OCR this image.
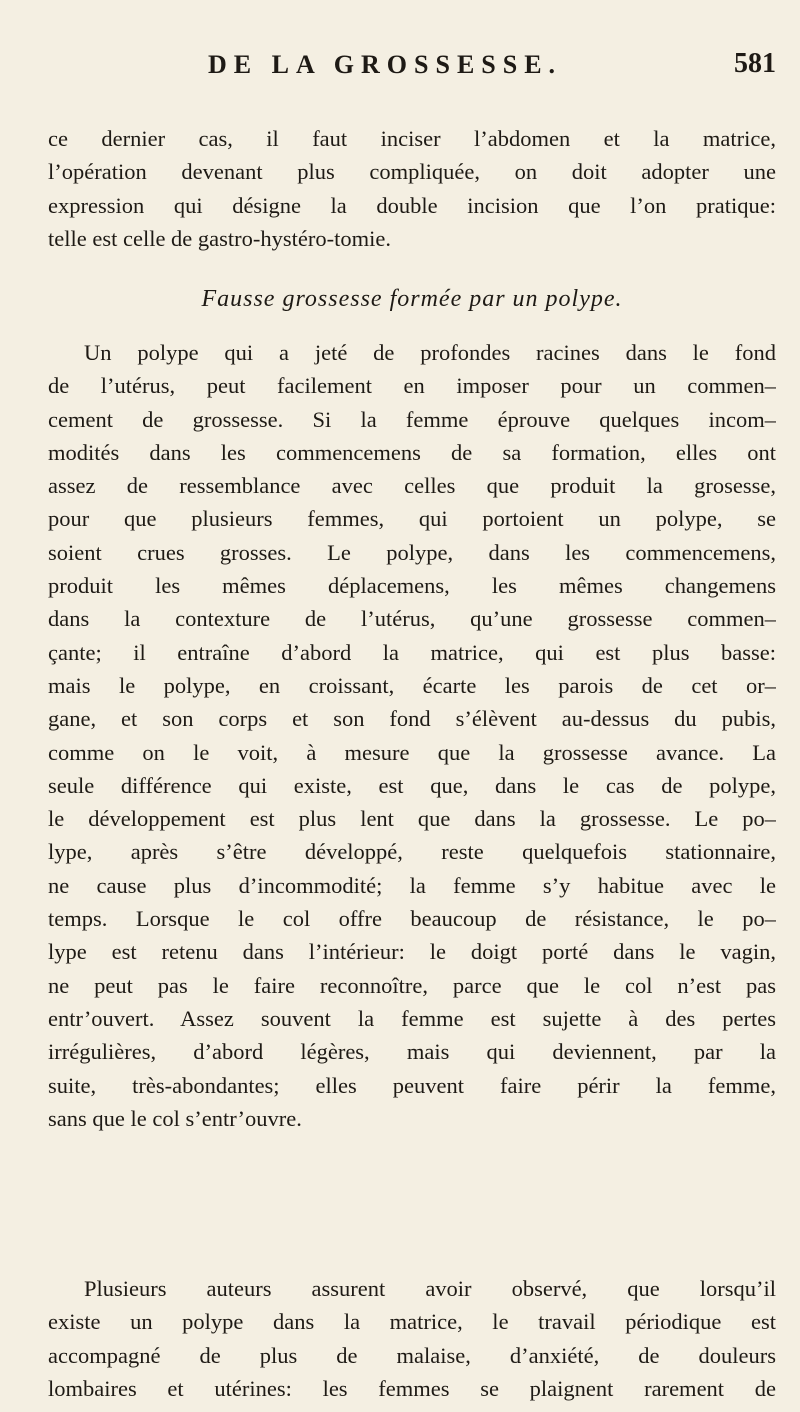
DE LA GROSSESSE.	581
ce dernier cas, il faut inciser l’abdomen et la matrice,
l’opération devenant plus compliquée, on doit adopter une
expression qui désigne la double incision que l’on pratique:
telle est celle de gastro-hystéro-tomie.
Fausse grossesse formée par un polype.
Un polype qui a jeté de profondes racines dans le fond
de l’utérus, peut facilement en imposer pour un commen–
cement de grossesse. Si la femme éprouve quelques incom–
modités dans les commencemens de sa formation, elles ont
assez de ressemblance avec celles que produit la grosesse,
pour que plusieurs femmes, qui portoient un polype, se
soient crues grosses. Le polype, dans les commencemens,
produit les mêmes déplacemens, les mêmes changemens
dans la contexture de l’utérus, qu’une grossesse commen–
çante; il entraîne d’abord la matrice, qui est plus basse:
mais le polype, en croissant, écarte les parois de cet or–
gane, et son corps et son fond s’élèvent au-dessus du pubis,
comme on le voit, à mesure que la grossesse avance. La
seule différence qui existe, est que, dans le cas de polype,
le développement est plus lent que dans la grossesse. Le po–
lype, après s’être développé, reste quelquefois stationnaire,
ne cause plus d’incommodité; la femme s’y habitue avec le
temps. Lorsque le col offre beaucoup de résistance, le po–
lype est retenu dans l’intérieur: le doigt porté dans le vagin,
ne peut pas le faire reconnoître, parce que le col n’est pas
entr’ouvert. Assez souvent la femme est sujette à des pertes
irrégulières, d’abord légères, mais qui deviennent, par la
suite, très-abondantes; elles peuvent faire périr la femme,
sans que le col s’entr’ouvre.
Plusieurs auteurs assurent avoir observé, que lorsqu’il
existe un polype dans la matrice, le travail périodique est
accompagné de plus de malaise, d’anxiété, de douleurs
lombaires et utérines: les femmes se plaignent rarement de
